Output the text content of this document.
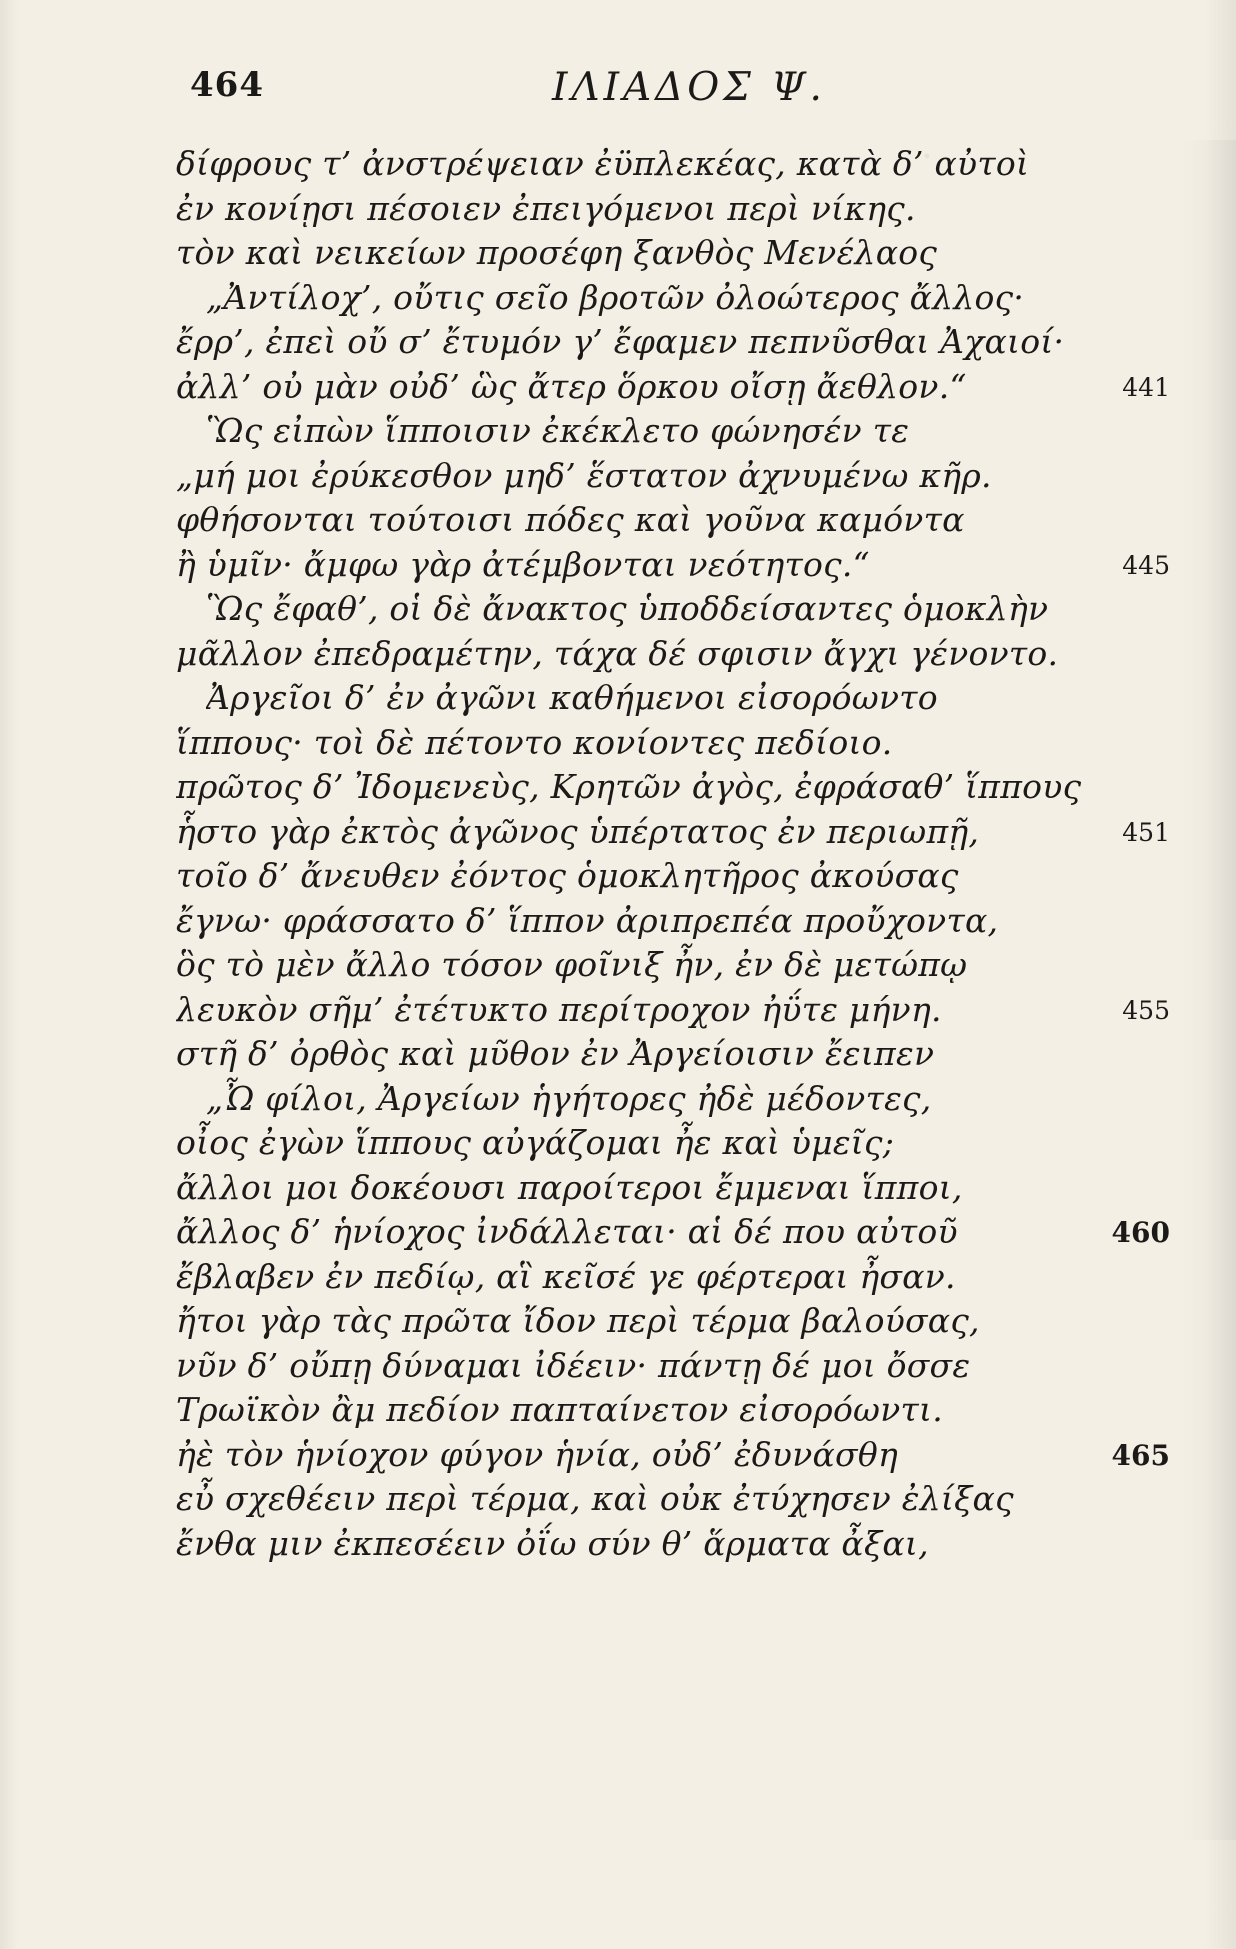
464	ΙΛΙΑΔΟΣ Ψ.
δίφρους τ’ ἀνστρέψειαν ἐϋπλεκέας, κατὰ δ’ αὐτοὶ
ἐν κονίῃσι πέσοιεν ἐπειγόμενοι περὶ νίκης.
τὸν καὶ νεικείων προσέφη ξανθὸς Μενέλαος
„Ἀντίλοχ’, οὔτις σεῖο βροτῶν ὀλοώτερος ἄλλος·
ἔρρ’, ἐπεὶ οὔ σ’ ἔτυμόν γ’ ἔφαμεν πεπνῦσθαι Ἀχαιοί·
ἀλλ’ οὐ μὰν οὐδ’ ὣς ἄτερ ὅρκου οἴσῃ ἄεθλον.“	441
Ὣς εἰπὼν ἵπποισιν ἐκέκλετο φώνησέν τε
„μή μοι ἐρύκεσθον μηδ’ ἕστατον ἀχνυμένω κῆρ.
φθήσονται τούτοισι πόδες καὶ γοῦνα καμόντα
ἢ ὑμῖν· ἄμφω γὰρ ἀτέμβονται νεότητος.“	445
Ὣς ἔφαθ’, οἱ δὲ ἄνακτος ὑποδδείσαντες ὁμοκλὴν
μᾶλλον ἐπεδραμέτην, τάχα δέ σφισιν ἄγχι γένοντο.
Ἀργεῖοι δ’ ἐν ἀγῶνι καθήμενοι εἰσορόωντο
ἵππους· τοὶ δὲ πέτοντο κονίοντες πεδίοιο.
πρῶτος δ’ Ἰδομενεὺς, Κρητῶν ἀγὸς, ἐφράσαθ’ ἵππους
ἧστο γὰρ ἐκτὸς ἀγῶνος ὑπέρτατος ἐν περιωπῇ,	451
τοῖο δ’ ἄνευθεν ἐόντος ὁμοκλητῆρος ἀκούσας
ἔγνω· φράσσατο δ’ ἵππον ἀριπρεπέα προὔχοντα,
ὃς τὸ μὲν ἄλλο τόσον φοῖνιξ ἦν, ἐν δὲ μετώπῳ
λευκὸν σῆμ’ ἐτέτυκτο περίτροχον ἠΰτε μήνη.	455
στῆ δ’ ὀρθὸς καὶ μῦθον ἐν Ἀργείοισιν ἔειπεν
„Ὦ φίλοι, Ἀργείων ἡγήτορες ἠδὲ μέδοντες,
οἶος ἐγὼν ἵππους αὐγάζομαι ἦε καὶ ὑμεῖς;
ἄλλοι μοι δοκέουσι παροίτεροι ἔμμεναι ἵπποι,
ἄλλος δ’ ἡνίοχος ἰνδάλλεται· αἱ δέ που αὐτοῦ	460
ἔβλαβεν ἐν πεδίῳ, αἳ κεῖσέ γε φέρτεραι ἦσαν.
ἤτοι γὰρ τὰς πρῶτα ἴδον περὶ τέρμα βαλούσας,
νῦν δ’ οὔπῃ δύναμαι ἰδέειν· πάντῃ δέ μοι ὄσσε
Τρωϊκὸν ἂμ πεδίον παπταίνετον εἰσορόωντι.
ἠὲ τὸν ἡνίοχον φύγον ἡνία, οὐδ’ ἐδυνάσθη	465
εὖ σχεθέειν περὶ τέρμα, καὶ οὐκ ἐτύχησεν ἐλίξας
ἔνθα μιν ἐκπεσέειν ὀΐω σύν θ’ ἅρματα ἆξαι,
